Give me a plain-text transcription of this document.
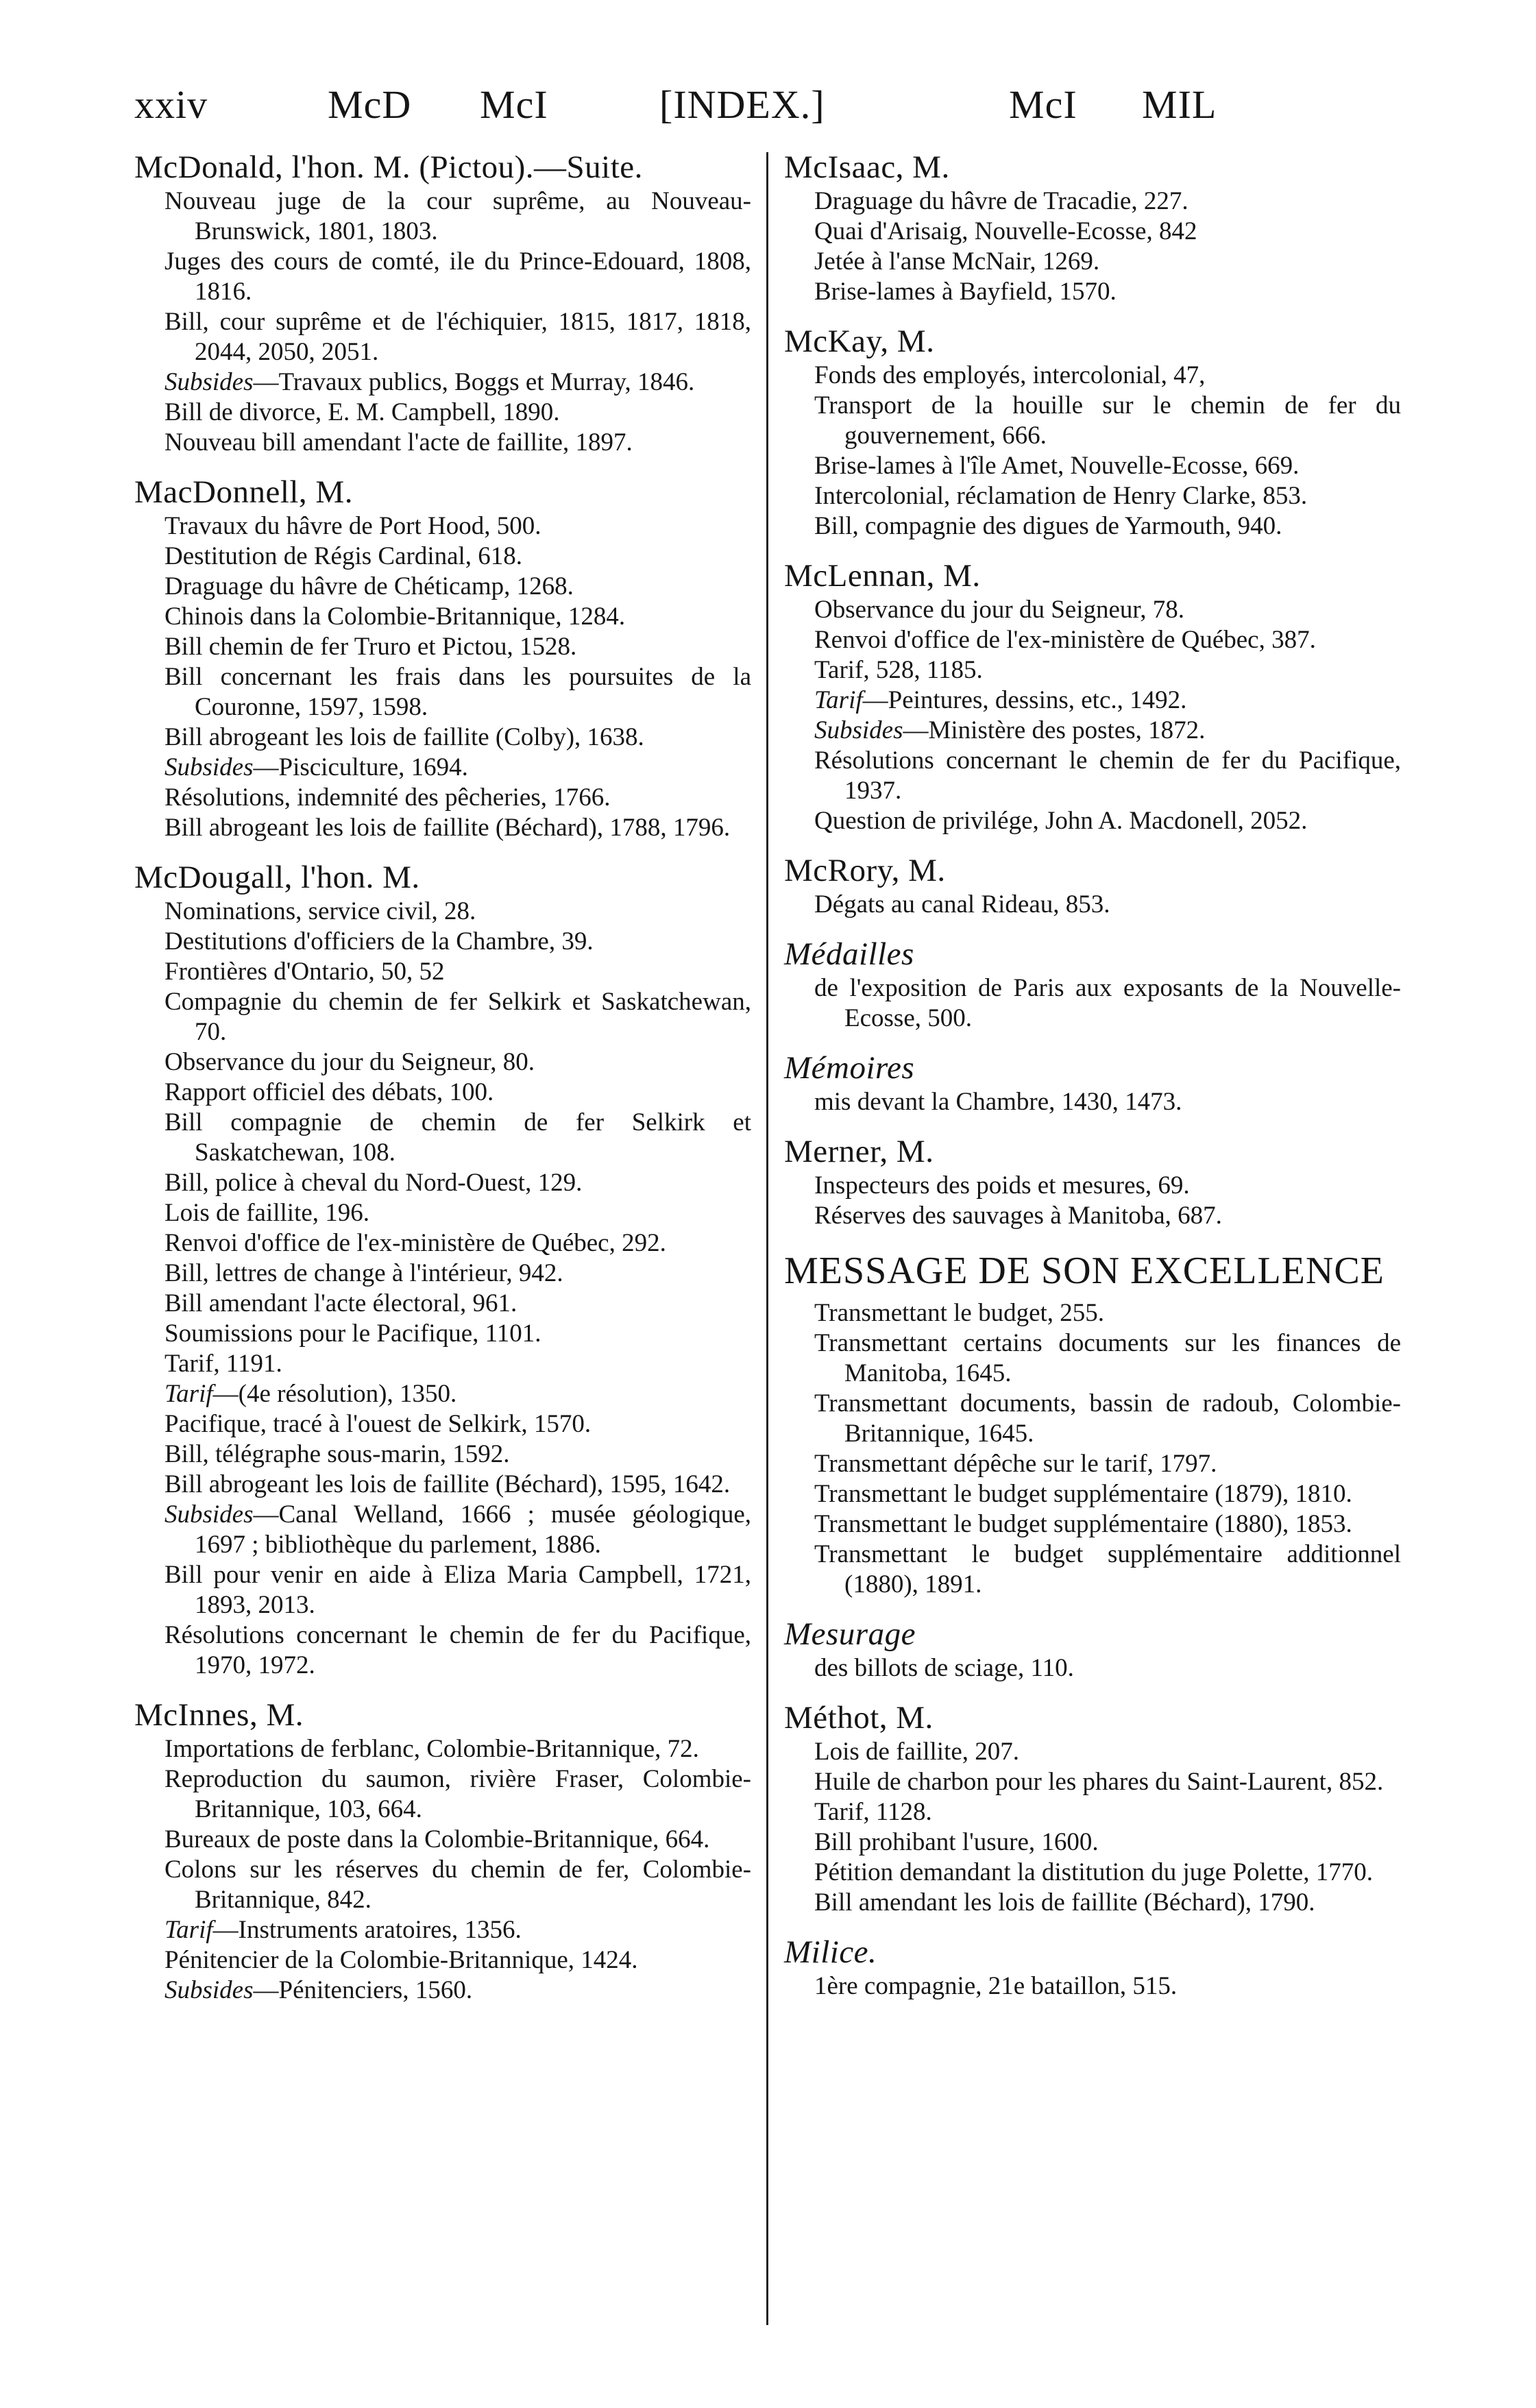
xxiv	McD McI	[INDEX.]	McI MIL
McDonald, l'hon. M. (Pictou).—Suite.
Nouveau juge de la cour suprême, au Nouveau-Brunswick, 1801, 1803.
Juges des cours de comté, ile du Prince-Edouard, 1808, 1816.
Bill, cour suprême et de l'échiquier, 1815, 1817, 1818, 2044, 2050, 2051.
Subsides—Travaux publics, Boggs et Murray, 1846.
Bill de divorce, E. M. Campbell, 1890.
Nouveau bill amendant l'acte de faillite, 1897.
MacDonnell, M.
Travaux du hâvre de Port Hood, 500.
Destitution de Régis Cardinal, 618.
Draguage du hâvre de Chéticamp, 1268.
Chinois dans la Colombie-Britannique, 1284.
Bill chemin de fer Truro et Pictou, 1528.
Bill concernant les frais dans les poursuites de la Couronne, 1597, 1598.
Bill abrogeant les lois de faillite (Colby), 1638.
Subsides—Pisciculture, 1694.
Résolutions, indemnité des pêcheries, 1766.
Bill abrogeant les lois de faillite (Béchard), 1788, 1796.
McDougall, l'hon. M.
Nominations, service civil, 28.
Destitutions d'officiers de la Chambre, 39.
Frontières d'Ontario, 50, 52
Compagnie du chemin de fer Selkirk et Saskatchewan, 70.
Observance du jour du Seigneur, 80.
Rapport officiel des débats, 100.
Bill compagnie de chemin de fer Selkirk et Saskatchewan, 108.
Bill, police à cheval du Nord-Ouest, 129.
Lois de faillite, 196.
Renvoi d'office de l'ex-ministère de Québec, 292.
Bill, lettres de change à l'intérieur, 942.
Bill amendant l'acte électoral, 961.
Soumissions pour le Pacifique, 1101.
Tarif, 1191.
Tarif—(4e résolution), 1350.
Pacifique, tracé à l'ouest de Selkirk, 1570.
Bill, télégraphe sous-marin, 1592.
Bill abrogeant les lois de faillite (Béchard), 1595, 1642.
Subsides—Canal Welland, 1666 ; musée géologique, 1697 ; bibliothèque du parlement, 1886.
Bill pour venir en aide à Eliza Maria Campbell, 1721, 1893, 2013.
Résolutions concernant le chemin de fer du Pacifique, 1970, 1972.
McInnes, M.
Importations de ferblanc, Colombie-Britannique, 72.
Reproduction du saumon, rivière Fraser, Colombie-Britannique, 103, 664.
Bureaux de poste dans la Colombie-Britannique, 664.
Colons sur les réserves du chemin de fer, Colombie-Britannique, 842.
Tarif—Instruments aratoires, 1356.
Pénitencier de la Colombie-Britannique, 1424.
Subsides—Pénitenciers, 1560.
McIsaac, M.
Draguage du hâvre de Tracadie, 227.
Quai d'Arisaig, Nouvelle-Ecosse, 842
Jetée à l'anse McNair, 1269.
Brise-lames à Bayfield, 1570.
McKay, M.
Fonds des employés, intercolonial, 47,
Transport de la houille sur le chemin de fer du gouvernement, 666.
Brise-lames à l'île Amet, Nouvelle-Ecosse, 669.
Intercolonial, réclamation de Henry Clarke, 853.
Bill, compagnie des digues de Yarmouth, 940.
McLennan, M.
Observance du jour du Seigneur, 78.
Renvoi d'office de l'ex-ministère de Québec, 387.
Tarif, 528, 1185.
Tarif—Peintures, dessins, etc., 1492.
Subsides—Ministère des postes, 1872.
Résolutions concernant le chemin de fer du Pacifique, 1937.
Question de privilége, John A. Macdonell, 2052.
McRory, M.
Dégats au canal Rideau, 853.
Médailles
de l'exposition de Paris aux exposants de la Nouvelle-Ecosse, 500.
Mémoires
mis devant la Chambre, 1430, 1473.
Merner, M.
Inspecteurs des poids et mesures, 69.
Réserves des sauvages à Manitoba, 687.
MESSAGE DE SON EXCELLENCE
Transmettant le budget, 255.
Transmettant certains documents sur les finances de Manitoba, 1645.
Transmettant documents, bassin de radoub, Colombie-Britannique, 1645.
Transmettant dépêche sur le tarif, 1797.
Transmettant le budget supplémentaire (1879), 1810.
Transmettant le budget supplémentaire (1880), 1853.
Transmettant le budget supplémentaire additionnel (1880), 1891.
Mesurage
des billots de sciage, 110.
Méthot, M.
Lois de faillite, 207.
Huile de charbon pour les phares du Saint-Laurent, 852.
Tarif, 1128.
Bill prohibant l'usure, 1600.
Pétition demandant la distitution du juge Polette, 1770.
Bill amendant les lois de faillite (Béchard), 1790.
Milice.
1ère compagnie, 21e bataillon, 515.
